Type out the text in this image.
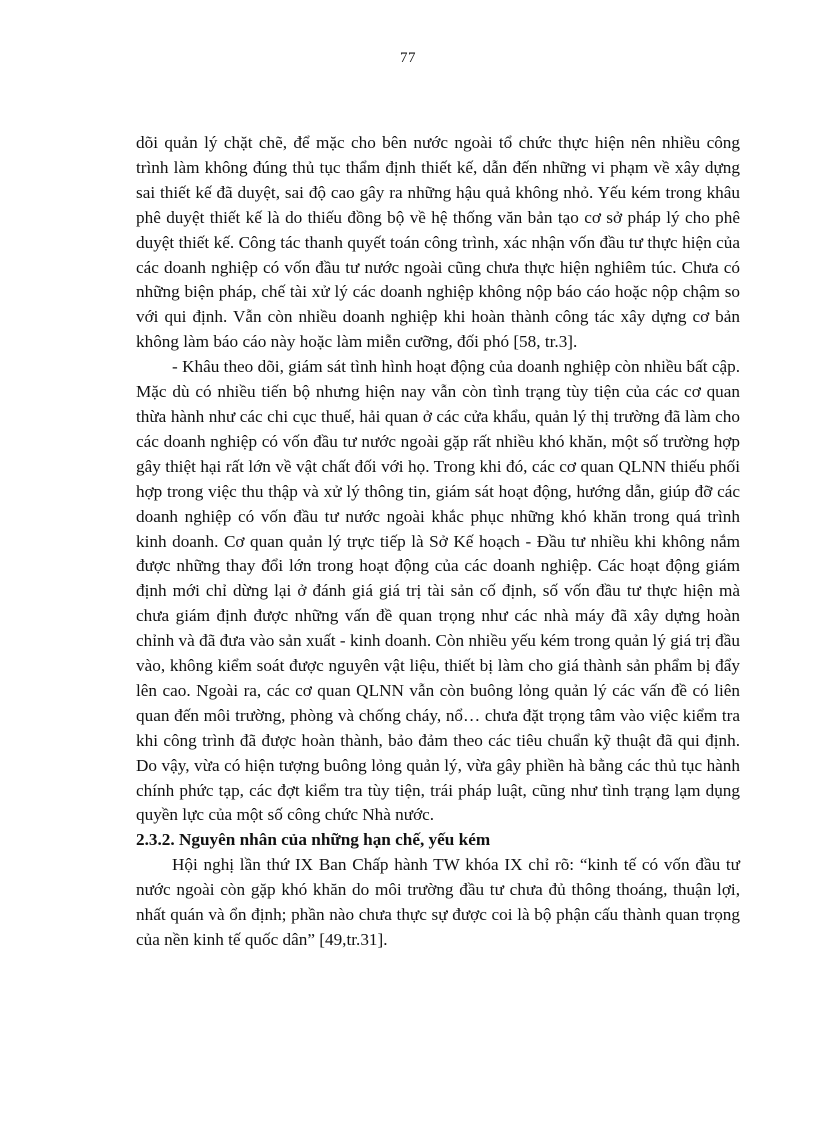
77

dõi quản lý chặt chẽ, để mặc cho bên nước ngoài tổ chức thực hiện nên nhiều công trình làm không đúng thủ tục thẩm định thiết kế, dẫn đến những vi phạm về xây dựng sai thiết kế đã duyệt, sai độ cao gây ra những hậu quả không nhỏ. Yếu kém trong khâu phê duyệt thiết kế là do thiếu đồng bộ về hệ thống văn bản tạo cơ sở pháp lý cho phê duyệt thiết kế. Công tác thanh quyết toán công trình, xác nhận vốn đầu tư thực hiện của các doanh nghiệp có vốn đầu tư nước ngoài cũng chưa thực hiện nghiêm túc. Chưa có những biện pháp, chế tài xử lý các doanh nghiệp không nộp báo cáo hoặc nộp chậm so với qui định. Vẫn còn nhiều doanh nghiệp khi hoàn thành công tác xây dựng cơ bản không làm báo cáo này hoặc làm miễn cưỡng, đối phó [58, tr.3].

- Khâu theo dõi, giám sát tình hình hoạt động của doanh nghiệp còn nhiều bất cập. Mặc dù có nhiều tiến bộ nhưng hiện nay vẫn còn tình trạng tùy tiện của các cơ quan thừa hành như các chi cục thuế, hải quan ở các cửa khẩu, quản lý thị trường đã làm cho các doanh nghiệp có vốn đầu tư nước ngoài gặp rất nhiều khó khăn, một số trường hợp gây thiệt hại rất lớn về vật chất đối với họ. Trong khi đó, các cơ quan QLNN thiếu phối hợp trong việc thu thập và xử lý thông tin, giám sát hoạt động, hướng dẫn, giúp đỡ các doanh nghiệp có vốn đầu tư nước ngoài khắc phục những khó khăn trong quá trình kinh doanh. Cơ quan quản lý trực tiếp là Sở Kế hoạch - Đầu tư nhiều khi không nắm được những thay đổi lớn trong hoạt động của các doanh nghiệp. Các hoạt động giám định mới chỉ dừng lại ở đánh giá giá trị tài sản cố định, số vốn đầu tư thực hiện mà chưa giám định được những vấn đề quan trọng như các nhà máy đã xây dựng hoàn chỉnh và đã đưa vào sản xuất - kinh doanh. Còn nhiều yếu kém trong quản lý giá trị đầu vào, không kiểm soát được nguyên vật liệu, thiết bị làm cho giá thành sản phẩm bị đẩy lên cao. Ngoài ra, các cơ quan QLNN vẫn còn buông lỏng quản lý các vấn đề có liên quan đến môi trường, phòng và chống cháy, nổ… chưa đặt trọng tâm vào việc kiểm tra khi công trình đã được hoàn thành, bảo đảm theo các tiêu chuẩn kỹ thuật đã qui định. Do vậy, vừa có hiện tượng buông lỏng quản lý, vừa gây phiền hà bằng các thủ tục hành chính phức tạp, các đợt kiểm tra tùy tiện, trái pháp luật, cũng như tình trạng lạm dụng quyền lực của một số công chức Nhà nước.

2.3.2. Nguyên nhân của những hạn chế, yếu kém

Hội nghị lần thứ IX Ban Chấp hành TW khóa IX chỉ rõ: “kinh tế có vốn đầu tư nước ngoài còn gặp khó khăn do môi trường đầu tư chưa đủ thông thoáng, thuận lợi, nhất quán và ổn định; phần nào chưa thực sự được coi là bộ phận cấu thành quan trọng của nền kinh tế quốc dân” [49,tr.31].
